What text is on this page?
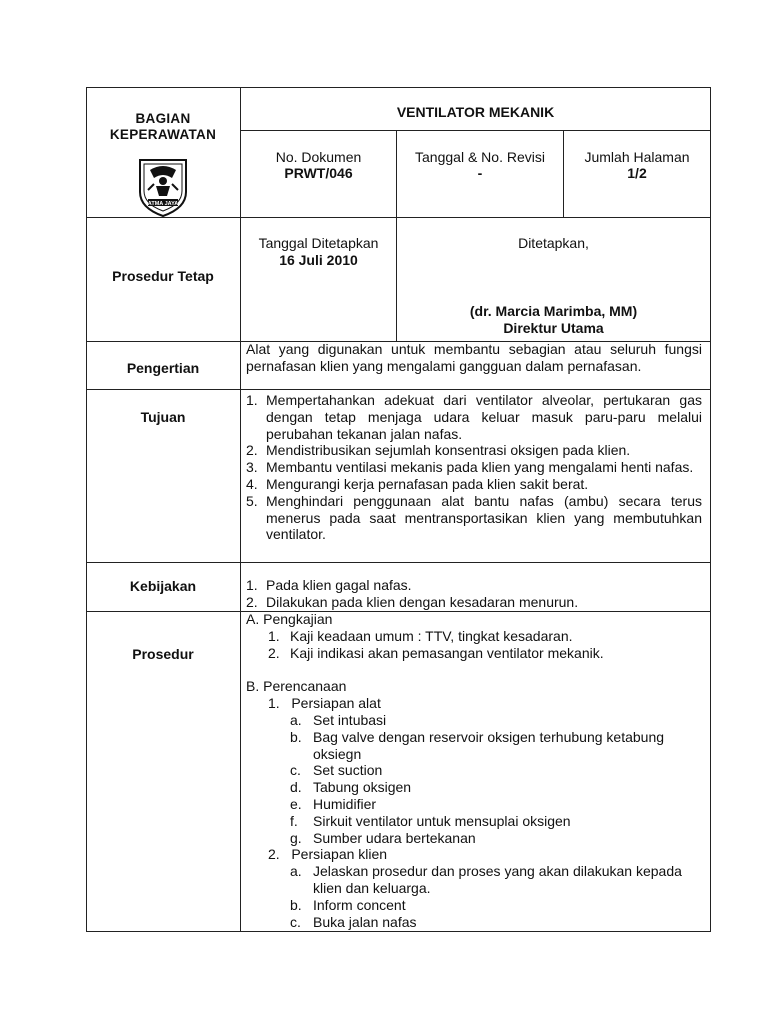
BAGIAN
KEPERAWATAN
ATMA JAYA
VENTILATOR MEKANIK
No. Dokumen
PRWT/046
Tanggal & No. Revisi
-
Jumlah Halaman
1/2
Prosedur Tetap
Tanggal Ditetapkan
16 Juli 2010
Ditetapkan,
(dr. Marcia Marimba, MM)
Direktur Utama
Pengertian
Alat yang digunakan untuk membantu sebagian atau seluruh fungsi pernafasan klien yang mengalami gangguan dalam pernafasan.
Tujuan
1. Mempertahankan adekuat dari ventilator alveolar, pertukaran gas dengan tetap menjaga udara keluar masuk paru-paru melalui perubahan tekanan jalan nafas.
2. Mendistribusikan sejumlah konsentrasi oksigen pada klien.
3. Membantu ventilasi mekanis pada klien yang mengalami henti nafas.
4. Mengurangi kerja pernafasan pada klien sakit berat.
5. Menghindari penggunaan alat bantu nafas (ambu) secara terus menerus pada saat mentransportasikan klien yang membutuhkan ventilator.
Kebijakan	1. Pada klien gagal nafas.
2. Dilakukan pada klien dengan kesadaran menurun.
Prosedur
A. Pengkajian
1. Kaji keadaan umum : TTV, tingkat kesadaran.
2. Kaji indikasi akan pemasangan ventilator mekanik.
B. Perencanaan
1.   Persiapan alat
a. Set intubasi
b. Bag valve dengan reservoir oksigen terhubung ketabung oksiegn
c. Set suction
d. Tabung oksigen
e. Humidifier
f. Sirkuit ventilator untuk mensuplai oksigen
g. Sumber udara bertekanan
2.   Persiapan klien
a. Jelaskan prosedur dan proses yang akan dilakukan kepada klien dan keluarga.
b. Inform concent
c. Buka jalan nafas
